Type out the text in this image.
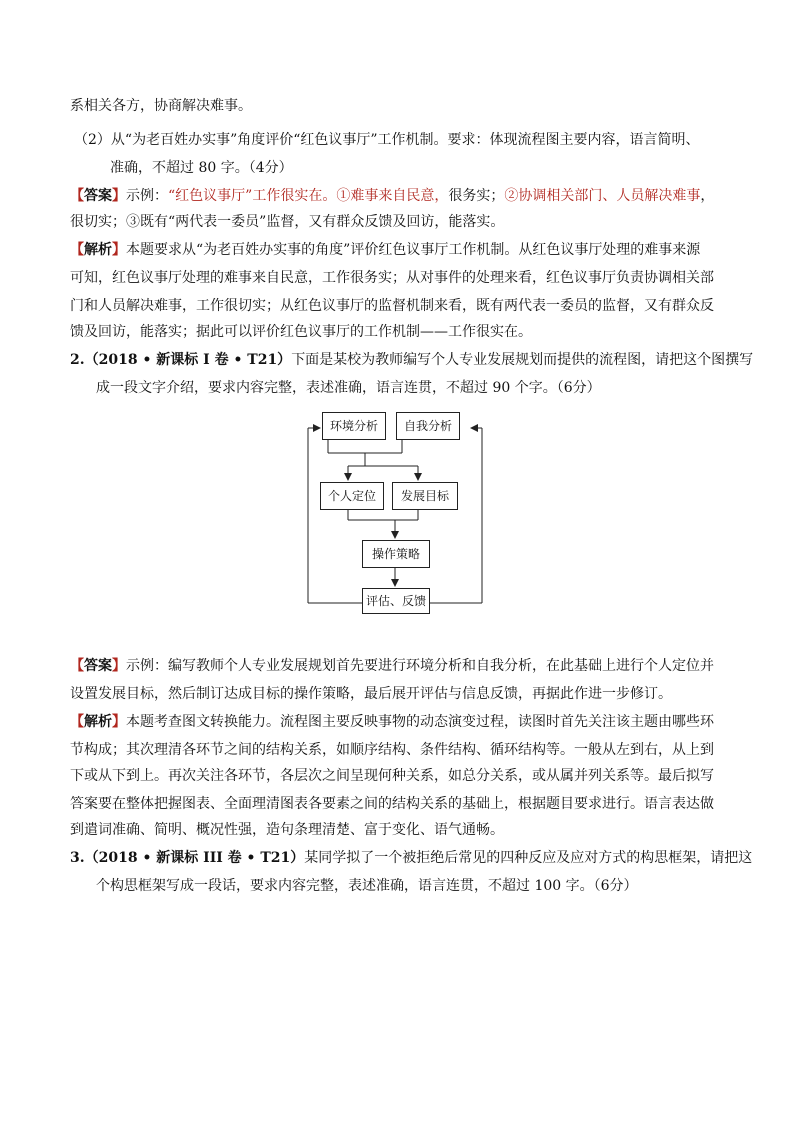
系相关各方，协商解决难事。
（2）从“为老百姓办实事”角度评价“红色议事厅”工作机制。要求：体现流程图主要内容，语言简明、
准确，不超过 80 字。（4分）
【答案】示例：“红色议事厅”工作很实在。①难事来自民意，很务实；②协调相关部门、人员解决难事，
很切实；③既有“两代表一委员”监督，又有群众反馈及回访，能落实。
【解析】本题要求从“为老百姓办实事的角度”评价红色议事厅工作机制。从红色议事厅处理的难事来源
可知，红色议事厅处理的难事来自民意，工作很务实；从对事件的处理来看，红色议事厅负责协调相关部
门和人员解决难事，工作很切实；从红色议事厅的监督机制来看，既有两代表一委员的监督，又有群众反
馈及回访，能落实；据此可以评价红色议事厅的工作机制——工作很实在。
2.（2018 • 新课标 I 卷 • T21）下面是某校为教师编写个人专业发展规划而提供的流程图，请把这个图撰写
成一段文字介绍，要求内容完整，表述准确，语言连贯，不超过 90 个字。（6分）
环境分析	自我分析
个人定位	发展目标
操作策略
评估、反馈
【答案】示例：编写教师个人专业发展规划首先要进行环境分析和自我分析，在此基础上进行个人定位并
设置发展目标，然后制订达成目标的操作策略，最后展开评估与信息反馈，再据此作进一步修订。
【解析】本题考查图文转换能力。流程图主要反映事物的动态演变过程，读图时首先关注该主题由哪些环
节构成；其次理清各环节之间的结构关系，如顺序结构、条件结构、循环结构等。一般从左到右，从上到
下或从下到上。再次关注各环节，各层次之间呈现何种关系，如总分关系，或从属并列关系等。最后拟写
答案要在整体把握图表、全面理清图表各要素之间的结构关系的基础上，根据题目要求进行。语言表达做
到遣词准确、简明、概况性强，造句条理清楚、富于变化、语气通畅。
3.（2018 • 新课标 III 卷 • T21）某同学拟了一个被拒绝后常见的四种反应及应对方式的构思框架，请把这
个构思框架写成一段话，要求内容完整，表述准确，语言连贯，不超过 100 字。（6分）
